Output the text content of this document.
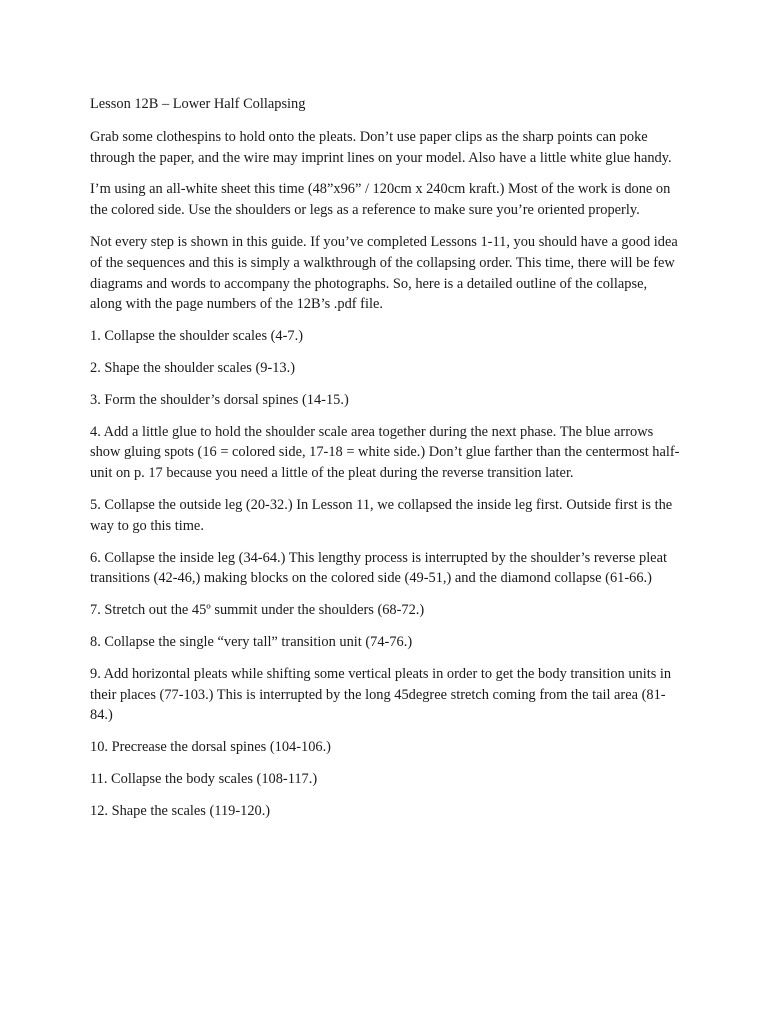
Lesson 12B – Lower Half Collapsing

Grab some clothespins to hold onto the pleats. Don’t use paper clips as the sharp points can poke through the paper, and the wire may imprint lines on your model. Also have a little white glue handy.

I’m using an all-white sheet this time (48”x96” / 120cm x 240cm kraft.) Most of the work is done on the colored side. Use the shoulders or legs as a reference to make sure you’re oriented properly.

Not every step is shown in this guide. If you’ve completed Lessons 1-11, you should have a good idea of the sequences and this is simply a walkthrough of the collapsing order. This time, there will be few diagrams and words to accompany the photographs. So, here is a detailed outline of the collapse, along with the page numbers of the 12B’s .pdf file.

1. Collapse the shoulder scales (4-7.)

2. Shape the shoulder scales (9-13.)

3. Form the shoulder’s dorsal spines (14-15.)

4. Add a little glue to hold the shoulder scale area together during the next phase. The blue arrows show gluing spots (16 = colored side, 17-18 = white side.) Don’t glue farther than the centermost half-unit on p. 17 because you need a little of the pleat during the reverse transition later.

5. Collapse the outside leg (20-32.) In Lesson 11, we collapsed the inside leg first. Outside first is the way to go this time.

6. Collapse the inside leg (34-64.) This lengthy process is interrupted by the shoulder’s reverse pleat transitions (42-46,) making blocks on the colored side (49-51,) and the diamond collapse (61-66.)

7. Stretch out the 45º summit under the shoulders (68-72.)

8. Collapse the single “very tall” transition unit (74-76.)

9. Add horizontal pleats while shifting some vertical pleats in order to get the body transition units in their places (77-103.) This is interrupted by the long 45degree stretch coming from the tail area (81-84.)

10. Precrease the dorsal spines (104-106.)

11. Collapse the body scales (108-117.)

12. Shape the scales (119-120.)
